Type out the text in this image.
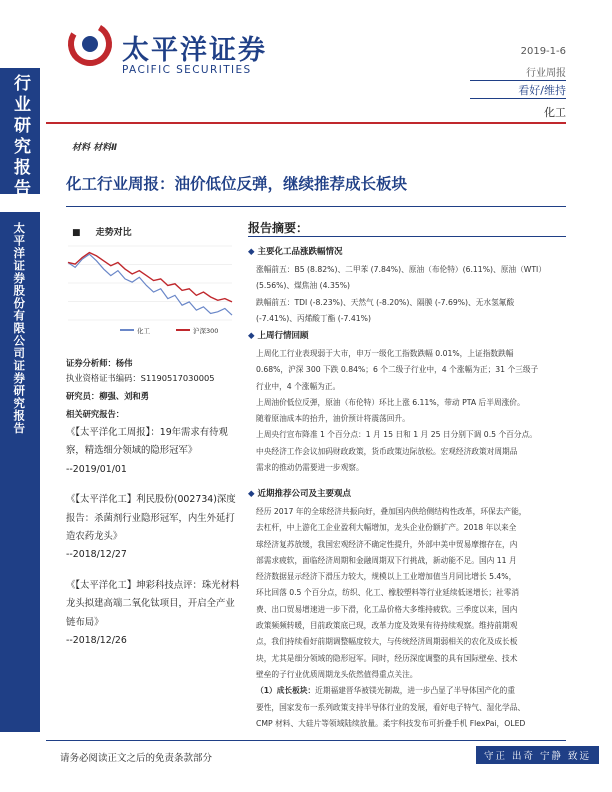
行业研究报告
太平洋证券股份有限公司证券研究报告
太平洋证券
PACIFIC SECURITIES
2019-1-6
行业周报
看好/维持
化工
材料 材料Ⅱ
化工行业周报：油价低位反弹，继续推荐成长板块
■ 走势对比
化工	沪深300
证券分析师：杨伟
执业资格证书编码：S1190517030005
研究员：柳强、刘和勇
相关研究报告：
《【太平洋化工周报】：19年需求有待观察，精选细分领域的隐形冠军》
--2019/01/01
《【太平洋化工】利民股份(002734)深度报告：杀菌剂行业隐形冠军，内生外延打造农药龙头》
--2018/12/27
《【太平洋化工】坤彩科技点评：珠光材料龙头拟建高端二氧化钛项目，开启全产业链布局》
--2018/12/26
报告摘要：
◆ 主要化工品涨跌幅情况

涨幅前五：B5 (8.82%)、二甲苯 (7.84%)、原油（布伦特）(6.11%)、原油（WTI）

(5.56%)、煤焦油 (4.35%)

跌幅前五：TDI (-8.23%)、天然气 (-8.20%)、隔膜 (-7.69%)、无水氢氟酸

(-7.41%)、丙烯酸丁酯 (-7.41%)

◆ 上周行情回顾

上周化工行业表现弱于大市，申万一级化工指数跌幅 0.01%，上证指数跌幅

0.68%，沪深 300 下跌 0.84%；6 个二级子行业中，4 个涨幅为正；31 个三级子

行业中，4 个涨幅为正。

上周油价低位反弹，原油（布伦特）环比上涨 6.11%，带动 PTA 后半周涨价。

随着原油成本的抬升，油价预计将震荡回升。

上周央行宣布降准 1 个百分点：1 月 15 日和 1 月 25 日分别下调 0.5 个百分点。

中央经济工作会议加码财政政策，货币政策边际放松。宏观经济政策对周期品

需求的推动仍需要进一步观察。

◆ 近期推荐公司及主要观点

经历 2017 年的全球经济共振向好，叠加国内供给侧结构性改革，环保去产能，

去杠杆，中上游化工企业盈利大幅增加，龙头企业份额扩产。2018 年以来全

球经济复苏放缓，我国宏观经济不确定性提升，外部中美中贸易摩擦存在，内

部需求疲软，面临经济周期和金融周期双下行挑战，新动能不足。国内 11 月

经济数据显示经济下滑压力较大，规模以上工业增加值当月同比增长 5.4%，

环比回落 0.5 个百分点，纺织、化工、橡胶塑料等行业延续低迷增长；社零消

费、出口贸易增速进一步下滑，化工品价格大多维持疲软。三季度以来，国内

政策频频转暖，目前政策底已现，改革力度及效果有待持续观察。维持前期观

点，我们持续看好前期调整幅度较大，与传统经济周期弱相关的农化及成长板

块，尤其是细分领域的隐形冠军。同时，经历深度调整的具有国际壁垒、技术

壁垒的子行业优质周期龙头依然值得重点关注。

（1）成长板块：近期福建晋华被镁光制裁，进一步凸显了半导体国产化的重

要性，国家发布一系列政策支持半导体行业的发展，看好电子特气、湿化学品、

CMP 材料、大硅片等领域陆续放量。柔宇科技发布可折叠手机 FlexPai，OLED

请务必阅读正文之后的免责条款部分	守正 出奇 宁静 致远
